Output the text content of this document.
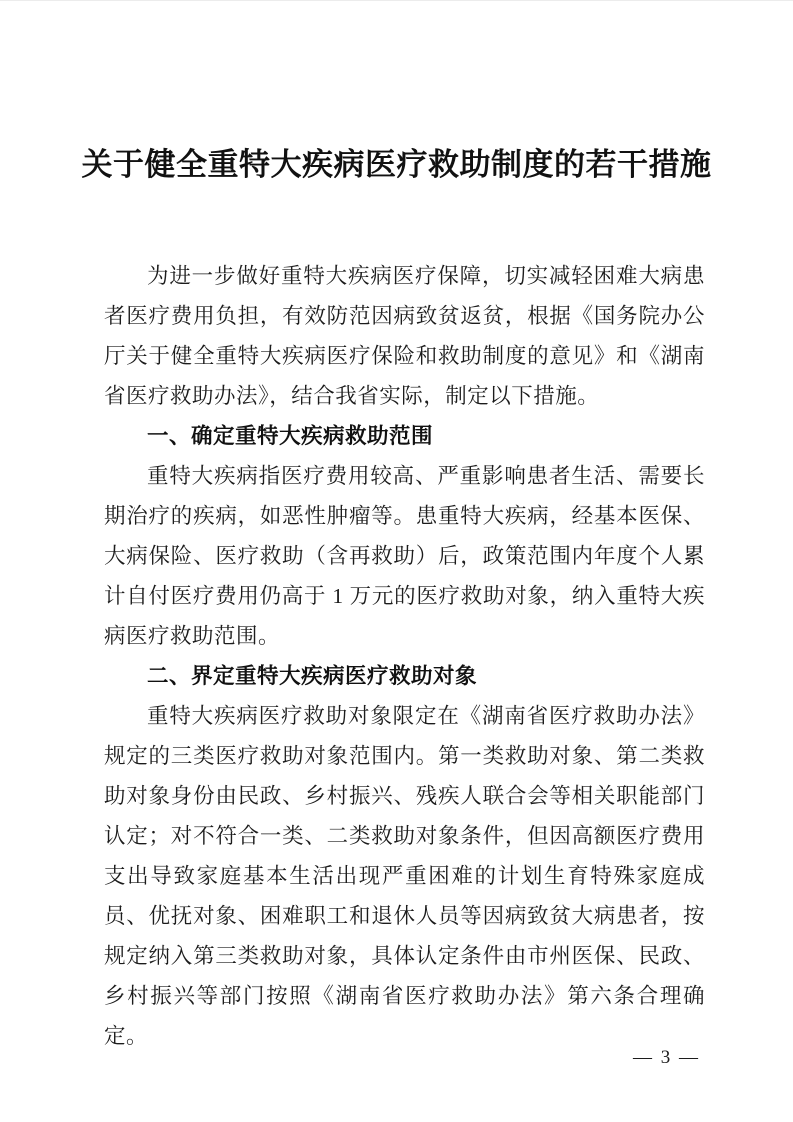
关于健全重特大疾病医疗救助制度的若干措施

为进一步做好重特大疾病医疗保障，切实减轻困难大病患者医疗费用负担，有效防范因病致贫返贫，根据《国务院办公厅关于健全重特大疾病医疗保险和救助制度的意见》和《湖南省医疗救助办法》，结合我省实际，制定以下措施。

一、确定重特大疾病救助范围

重特大疾病指医疗费用较高、严重影响患者生活、需要长期治疗的疾病，如恶性肿瘤等。患重特大疾病，经基本医保、大病保险、医疗救助（含再救助）后，政策范围内年度个人累计自付医疗费用仍高于 1 万元的医疗救助对象，纳入重特大疾病医疗救助范围。

二、界定重特大疾病医疗救助对象

重特大疾病医疗救助对象限定在《湖南省医疗救助办法》规定的三类医疗救助对象范围内。第一类救助对象、第二类救助对象身份由民政、乡村振兴、残疾人联合会等相关职能部门认定；对不符合一类、二类救助对象条件，但因高额医疗费用支出导致家庭基本生活出现严重困难的计划生育特殊家庭成员、优抚对象、困难职工和退休人员等因病致贫大病患者，按规定纳入第三类救助对象，具体认定条件由市州医保、民政、乡村振兴等部门按照《湖南省医疗救助办法》第六条合理确定。

— 3 —
